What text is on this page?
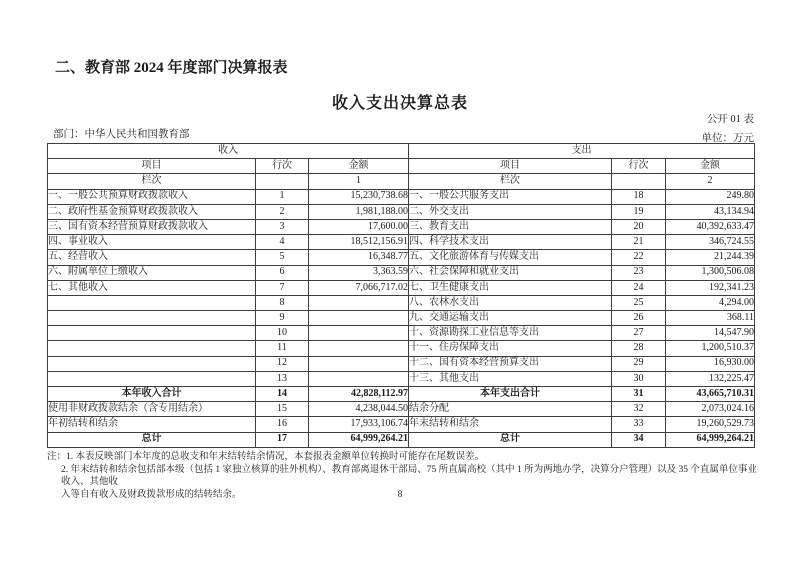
二、教育部 2024 年度部门决算报表
收入支出决算总表
公开 01 表
部门：中华人民共和国教育部	单位：万元
收入			支出		
项目	行次	金额	项目	行次	金额
栏次		1	栏次		2
一、一般公共预算财政拨款收入	1	15,230,738.68	一、一般公共服务支出	18	249.80
二、政府性基金预算财政拨款收入	2	1,981,188.00	二、外交支出	19	43,134.94
三、国有资本经营预算财政拨款收入	3	17,600.00	三、教育支出	20	40,392,633.47
四、事业收入	4	18,512,156.91	四、科学技术支出	21	346,724.55
五、经营收入	5	16,348.77	五、文化旅游体育与传媒支出	22	21,244.39
六、附属单位上缴收入	6	3,363.59	六、社会保障和就业支出	23	1,300,506.08
七、其他收入	7	7,066,717.02	七、卫生健康支出	24	192,341.23
	8		八、农林水支出	25	4,294.00
	9		九、交通运输支出	26	368.11
	10		十、资源勘探工业信息等支出	27	14,547.90
	11		十一、住房保障支出	28	1,200,510.37
	12		十二、国有资本经营预算支出	29	16,930.00
	13		十三、其他支出	30	132,225.47
本年收入合计	14	42,828,112.97	本年支出合计	31	43,665,710.31
使用非财政拨款结余（含专用结余）	15	4,238,044.50	结余分配	32	2,073,024.16
年初结转和结余	16	17,933,106.74	年末结转和结余	33	19,260,529.73
总计	17	64,999,264.21	总计	34	64,999,264.21
注：1. 本表反映部门本年度的总收支和年末结转结余情况，本套报表金额单位转换时可能存在尾数误差。
2. 年末结转和结余包括部本级（包括 1 家独立核算的驻外机构）、教育部离退休干部局、75 所直属高校（其中 1 所为两地办学，决算分户管理）以及 35 个直属单位事业收入、其他收
入等自有收入及财政拨款形成的结转结余。	8
